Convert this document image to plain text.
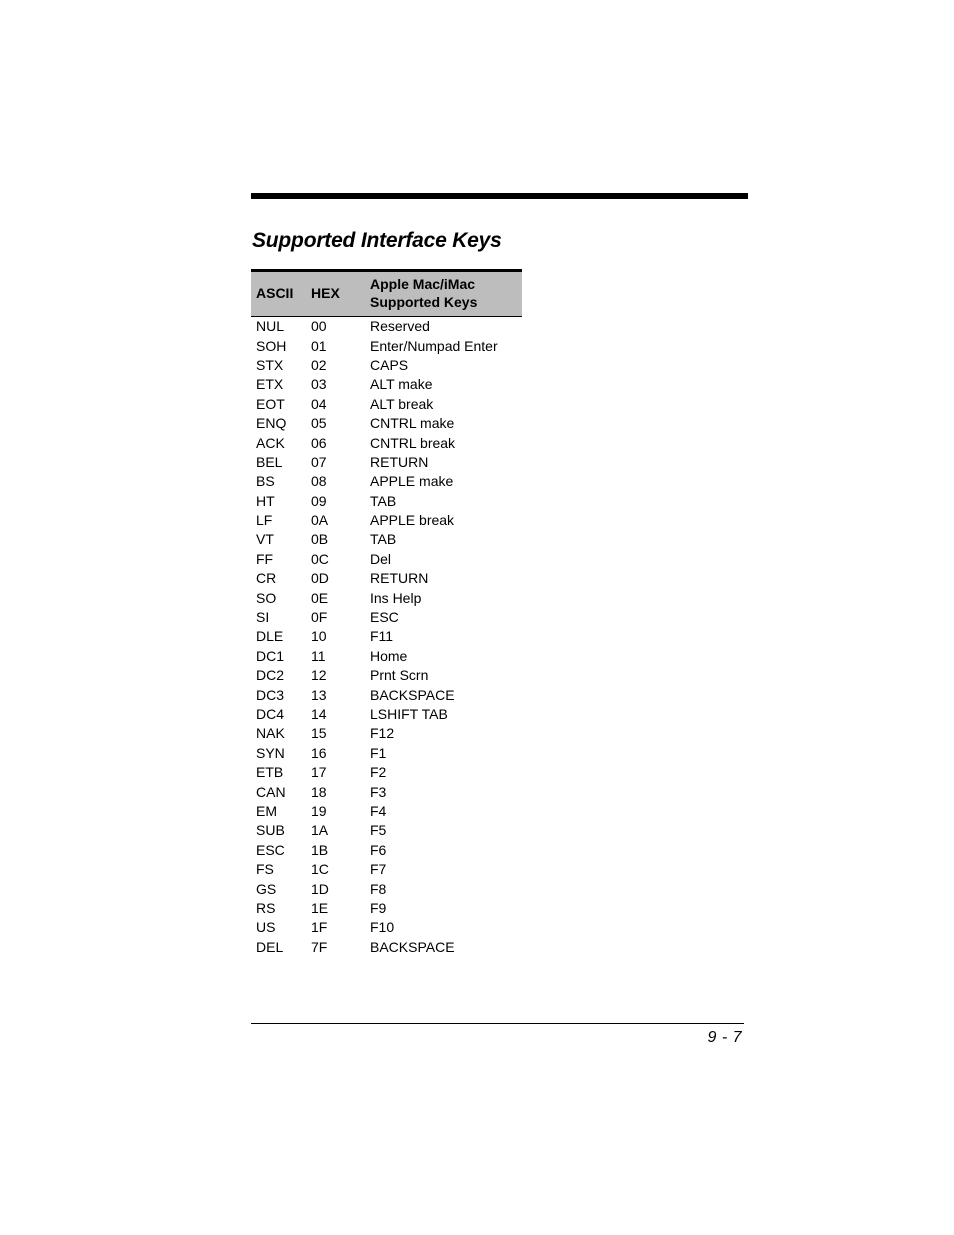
Supported Interface Keys
ASCII	HEX	Apple Mac/iMac
Supported Keys
NUL	00	Reserved
SOH	01	Enter/Numpad Enter
STX	02	CAPS
ETX	03	ALT make
EOT	04	ALT break
ENQ	05	CNTRL make
ACK	06	CNTRL break
BEL	07	RETURN
BS	08	APPLE make
HT	09	TAB
LF	0A	APPLE break
VT	0B	TAB
FF	0C	Del
CR	0D	RETURN
SO	0E	Ins Help
SI	0F	ESC
DLE	10	F11
DC1	11	Home
DC2	12	Prnt Scrn
DC3	13	BACKSPACE
DC4	14	LSHIFT TAB
NAK	15	F12
SYN	16	F1
ETB	17	F2
CAN	18	F3
EM	19	F4
SUB	1A	F5
ESC	1B	F6
FS	1C	F7
GS	1D	F8
RS	1E	F9
US	1F	F10
DEL	7F	BACKSPACE
9 - 7
